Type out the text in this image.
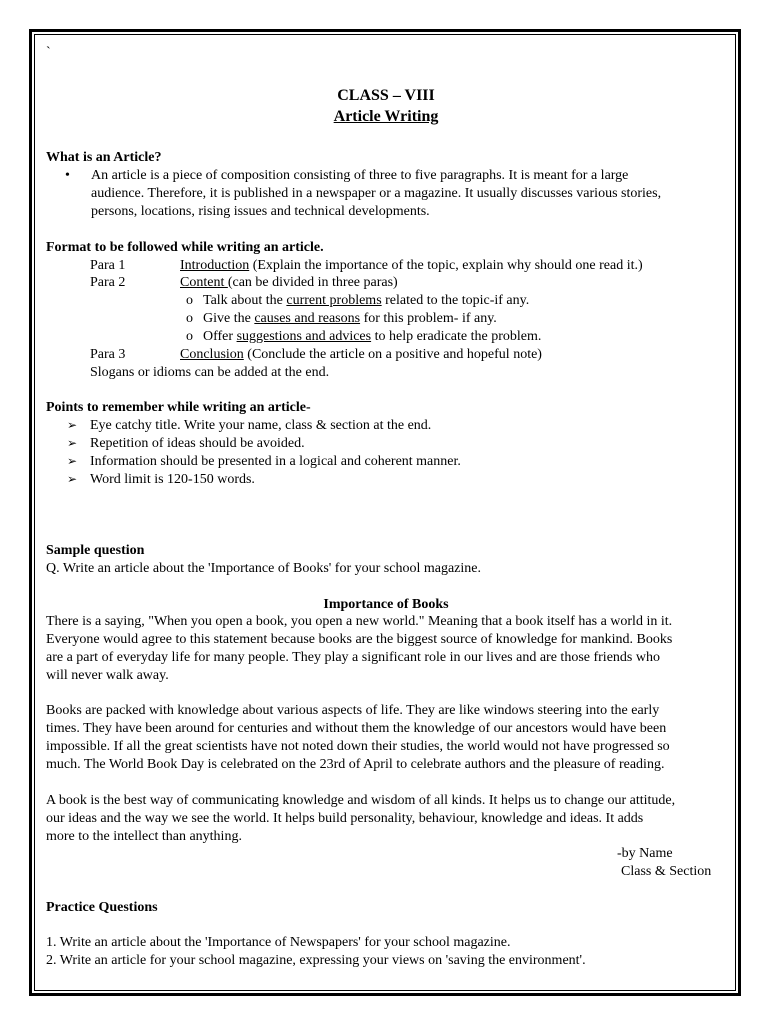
`
CLASS – VIII
Article Writing
What is an Article?
• An article is a piece of composition consisting of three to five paragraphs. It is meant for a large
audience. Therefore, it is published in a newspaper or a magazine. It usually discusses various stories,
persons, locations, rising issues and technical developments.
Format to be followed while writing an article.
Para 1	Introduction (Explain the importance of the topic, explain why should one read it.)
Para 2	Content (can be divided in three paras)
o Talk about the current problems related to the topic-if any.
o Give the causes and reasons for this problem- if any.
o Offer suggestions and advices to help eradicate the problem.
Para 3	Conclusion (Conclude the article on a positive and hopeful note)
Slogans or idioms can be added at the end.
Points to remember while writing an article-
➢ Eye catchy title. Write your name, class & section at the end.
➢ Repetition of ideas should be avoided.
➢ Information should be presented in a logical and coherent manner.
➢ Word limit is 120-150 words.
Sample question
Q. Write an article about the 'Importance of Books' for your school magazine.
Importance of Books
There is a saying, "When you open a book, you open a new world." Meaning that a book itself has a world in it.
Everyone would agree to this statement because books are the biggest source of knowledge for mankind. Books
are a part of everyday life for many people. They play a significant role in our lives and are those friends who
will never walk away.
Books are packed with knowledge about various aspects of life. They are like windows steering into the early
times. They have been around for centuries and without them the knowledge of our ancestors would have been
impossible. If all the great scientists have not noted down their studies, the world would not have progressed so
much. The World Book Day is celebrated on the 23rd of April to celebrate authors and the pleasure of reading.
A book is the best way of communicating knowledge and wisdom of all kinds. It helps us to change our attitude,
our ideas and the way we see the world. It helps build personality, behaviour, knowledge and ideas. It adds
more to the intellect than anything.
-by Name
Class & Section
Practice Questions
1. Write an article about the 'Importance of Newspapers' for your school magazine.
2. Write an article for your school magazine, expressing your views on 'saving the environment'.
